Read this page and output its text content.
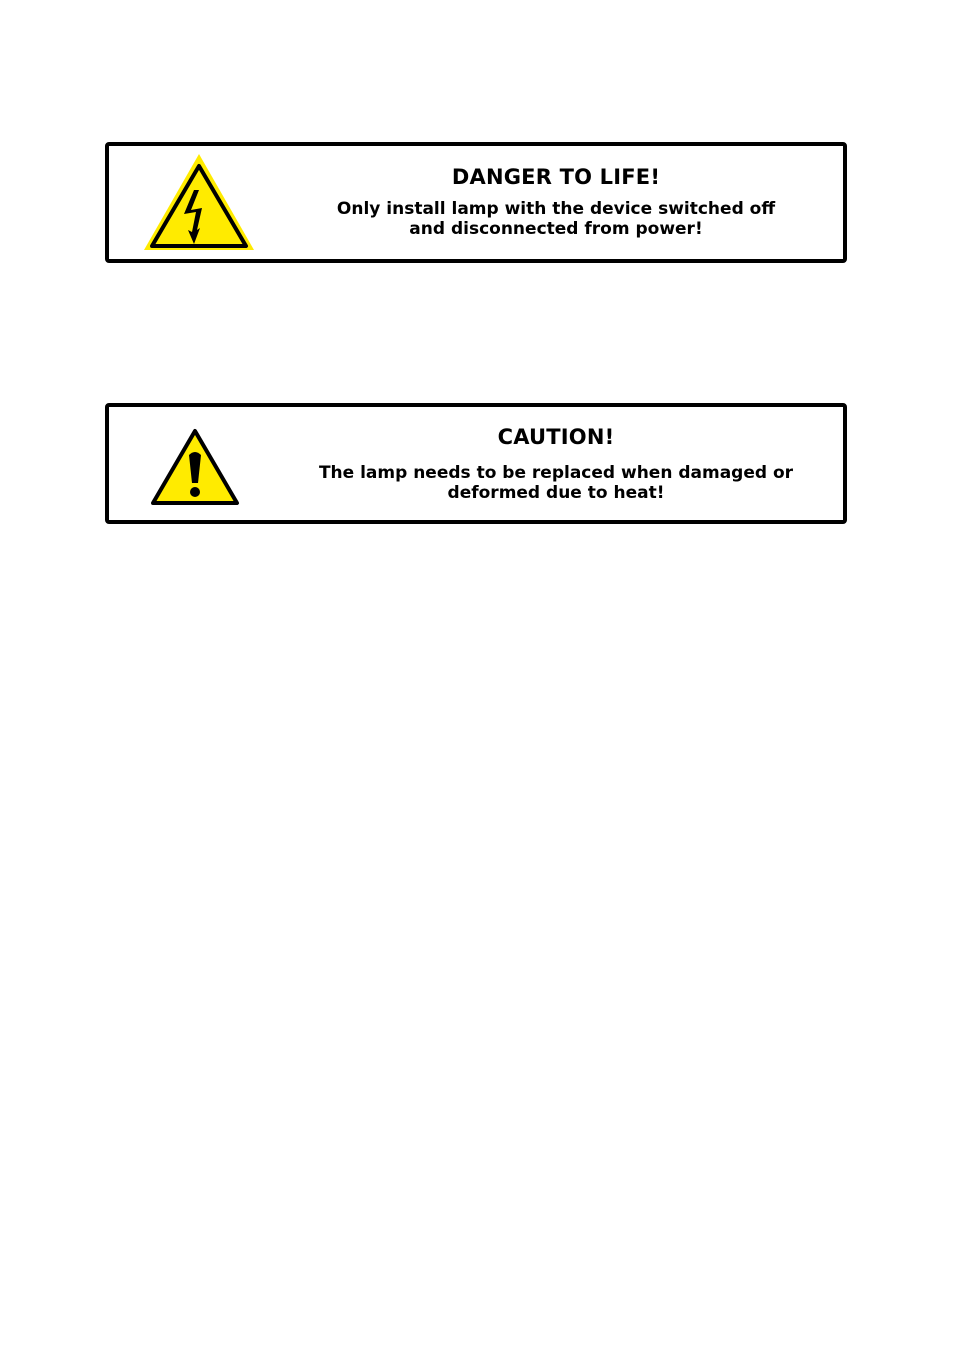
DANGER TO LIFE!

Only install lamp with the device switched off
and disconnected from power!

CAUTION!

The lamp needs to be replaced when damaged or
deformed due to heat!
